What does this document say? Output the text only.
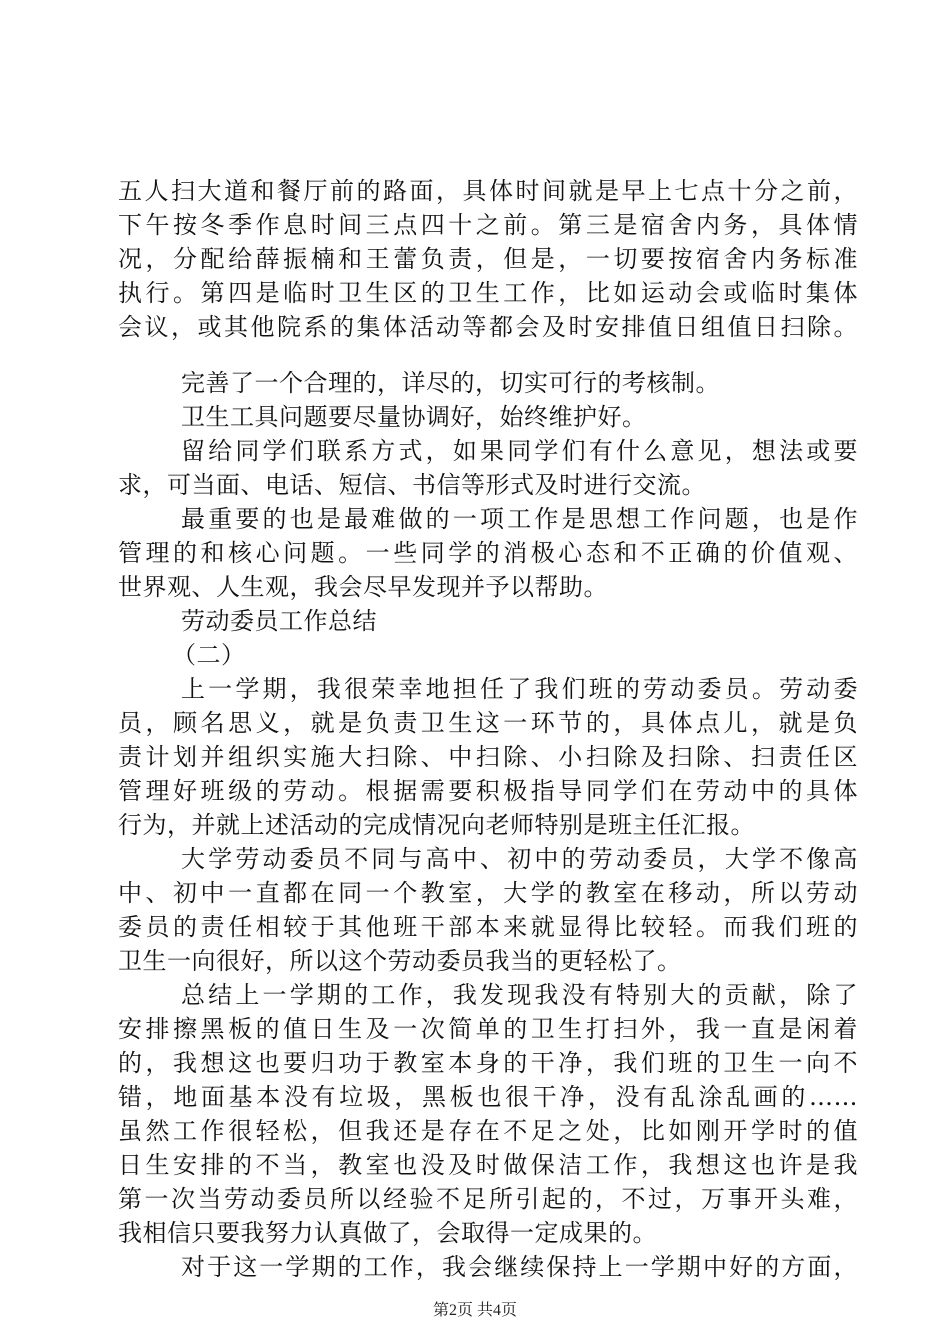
五人扫大道和餐厅前的路面，具体时间就是早上七点十分之前，
下午按冬季作息时间三点四十之前。第三是宿舍内务，具体情
况，分配给薛振楠和王蕾负责，但是，一切要按宿舍内务标准
执行。第四是临时卫生区的卫生工作，比如运动会或临时集体
会议，或其他院系的集体活动等都会及时安排值日组值日扫除。
完善了一个合理的，详尽的，切实可行的考核制。
卫生工具问题要尽量协调好，始终维护好。
留给同学们联系方式，如果同学们有什么意见，想法或要
求，可当面、电话、短信、书信等形式及时进行交流。
最重要的也是最难做的一项工作是思想工作问题，也是作
管理的和核心问题。一些同学的消极心态和不正确的价值观、
世界观、人生观，我会尽早发现并予以帮助。
劳动委员工作总结
（二）
上一学期，我很荣幸地担任了我们班的劳动委员。劳动委
员，顾名思义，就是负责卫生这一环节的，具体点儿，就是负
责计划并组织实施大扫除、中扫除、小扫除及扫除、扫责任区
管理好班级的劳动。根据需要积极指导同学们在劳动中的具体
行为，并就上述活动的完成情况向老师特别是班主任汇报。
大学劳动委员不同与高中、初中的劳动委员，大学不像高
中、初中一直都在同一个教室，大学的教室在移动，所以劳动
委员的责任相较于其他班干部本来就显得比较轻。而我们班的
卫生一向很好，所以这个劳动委员我当的更轻松了。
总结上一学期的工作，我发现我没有特别大的贡献，除了
安排擦黑板的值日生及一次简单的卫生打扫外，我一直是闲着
的，我想这也要归功于教室本身的干净，我们班的卫生一向不
错，地面基本没有垃圾，黑板也很干净，没有乱涂乱画的……
虽然工作很轻松，但我还是存在不足之处，比如刚开学时的值
日生安排的不当，教室也没及时做保洁工作，我想这也许是我
第一次当劳动委员所以经验不足所引起的，不过，万事开头难，
我相信只要我努力认真做了，会取得一定成果的。
对于这一学期的工作，我会继续保持上一学期中好的方面，
第2页 共4页
